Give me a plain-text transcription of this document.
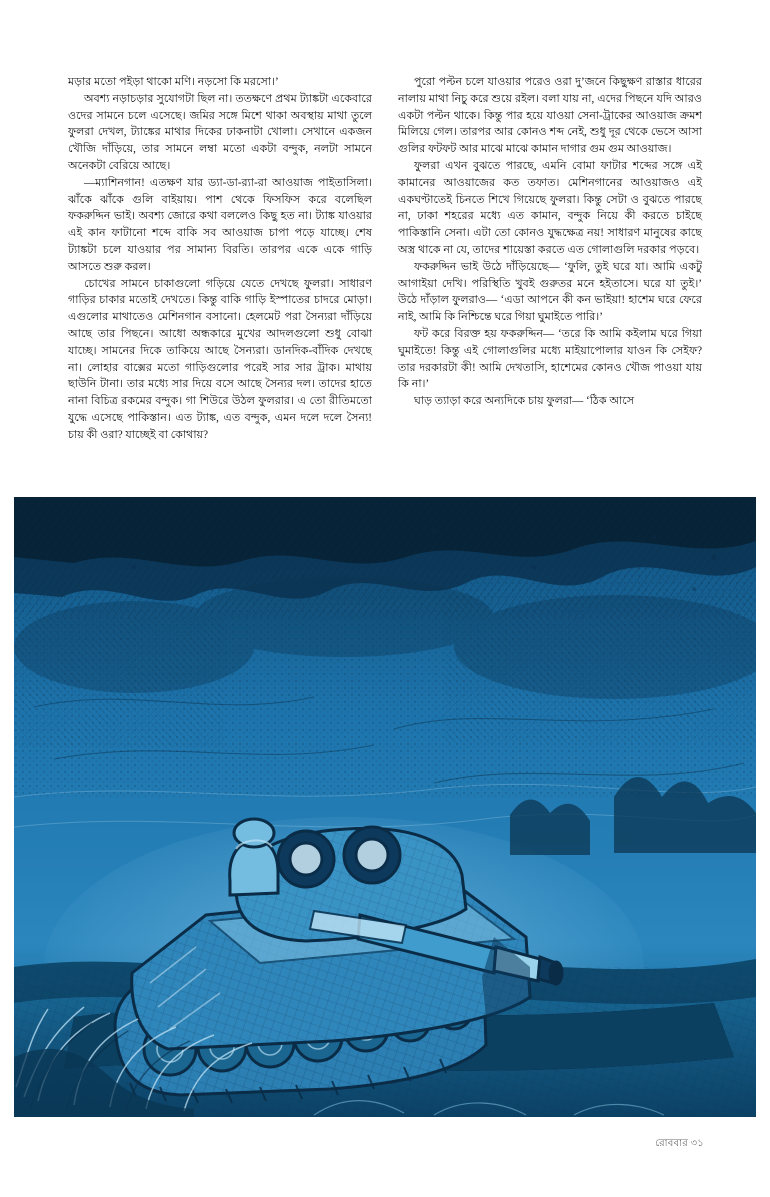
মড়ার মতো পইড়া থাকো মণি। নড়সো কি মরসো।’

অবশ্য নড়াচড়ার সুযোগটা ছিল না। ততক্ষণে প্রথম ট্যাঙ্কটা একেবারে ওদের সামনে চলে এসেছে। জমির সঙ্গে মিশে থাকা অবস্থায় মাথা তুলে ফুলরা দেখল, ট্যাঙ্কের মাথার দিকের ঢাকনাটা খোলা। সেখানে একজন খৌজি দাঁড়িয়ে, তার সামনে লম্বা মতো একটা বন্দুক, নলটা সামনে অনেকটা বেরিয়ে আছে।

—ম্যাশিনগান! এতক্ষণ যার ড্যা-ডা-র‍্যা-রা আওয়াজ পাইতাসিলা। ঝাঁকে ঝাঁকে গুলি বাইয়ায়। পাশ থেকে ফিসফিস করে বলেছিল ফকরুদ্দিন ভাই। অবশ্য জোরে কথা বললেও কিছু হত না। ট্যাঙ্ক যাওয়ার এই কান ফাটানো শব্দে বাকি সব আওয়াজ চাপা পড়ে যাচ্ছে। শেষ ট্যাঙ্কটা চলে যাওয়ার পর সামান্য বিরতি। তারপর একে একে গাড়ি আসতে শুরু করল।

চোখের সামনে চাকাগুলো গড়িয়ে যেতে দেখছে ফুলরা। সাধারণ গাড়ির চাকার মতোই দেখতে। কিন্তু বাকি গাড়ি ইস্পাতের চাদরে মোড়া। এগুলোর মাথাতেও মেশিনগান বসানো। হেলমেট পরা সৈন্যরা দাঁড়িয়ে আছে তার পিছনে। আধো অন্ধকারে মুখের আদলগুলো শুধু বোঝা যাচ্ছে। সামনের দিকে তাকিয়ে আছে সৈন্যরা। ডানদিক-বাঁদিক দেখছে না। লোহার বাক্সের মতো গাড়িগুলোর পরেই সার সার ট্রাক। মাথায় ছাউনি টানা। তার মধ্যে সার দিয়ে বসে আছে সৈন্যর দল। তাদের হাতে নানা বিচিত্র রকমের বন্দুক। গা শিউরে উঠল ফুলরার। এ তো রীতিমতো যুদ্ধে এসেছে পাকিস্তান। এত ট্যাঙ্ক, এত বন্দুক, এমন দলে দলে সৈন্য! চায় কী ওরা? যাচ্ছেই বা কোথায়?

পুরো পল্টন চলে যাওয়ার পরেও ওরা দু’জনে কিছুক্ষণ রাস্তার ধারের নালায় মাথা নিচু করে শুয়ে রইল। বলা যায় না, এদের পিছনে যদি আরও একটা পল্টন থাকে। কিন্তু পার হয়ে যাওয়া সেনা-ট্রাকের আওয়াজ ক্রমশ মিলিয়ে গেল। তারপর আর কোনও শব্দ নেই, শুধু দূর থেকে ভেসে আসা গুলির ফটফট আর মাঝে মাঝে কামান দাগার গুম গুম আওয়াজ।

ফুলরা এখন বুঝতে পারছে, এমনি বোমা ফাটার শব্দের সঙ্গে এই কামানের আওয়াজের কত তফাত। মেশিনগানের আওয়াজও এই একঘণ্টাতেই চিনতে শিখে গিয়েছে ফুলরা। কিন্তু সেটা ও বুঝতে পারছে না, ঢাকা শহরের মধ্যে এত কামান, বন্দুক নিয়ে কী করতে চাইছে পাকিস্তানি সেনা। এটা তো কোনও যুদ্ধক্ষেত্র নয়! সাধারণ মানুষের কাছে অস্ত্র থাকে না যে, তাদের শায়েস্তা করতে এত গোলাগুলি দরকার পড়বে।

ফকরুদ্দিন ভাই উঠে দাঁড়িয়েছে— ‘ফুলি, তুই ঘরে যা। আমি একটু আগাইয়া দেখি। পরিস্থিতি খুবই গুরুতর মনে হইতাসে। ঘরে যা তুই।’ উঠে দাঁড়াল ফুলরাও— ‘এডা আপনে কী কন ভাইয়া! হাশেম ঘরে ফেরে নাই, আমি কি নিশ্চিন্তে ঘরে গিয়া ঘুমাইতে পারি।’

ফট করে বিরক্ত হয় ফকরুদ্দিন— ‘তরে কি আমি কইলাম ঘরে গিয়া ঘুমাইতে! কিন্তু এই গোলাগুলির মধ্যে মাইয়াপোলার যাওন কি সেইফ? তার দরকারটা কী! আমি দেখতাসি, হাশেমের কোনও খৌজ পাওয়া যায় কি না।’

ঘাড় ত্যাড়া করে অন্যদিকে চায় ফুলরা— ‘ঠিক আসে

রোববার ৩১
